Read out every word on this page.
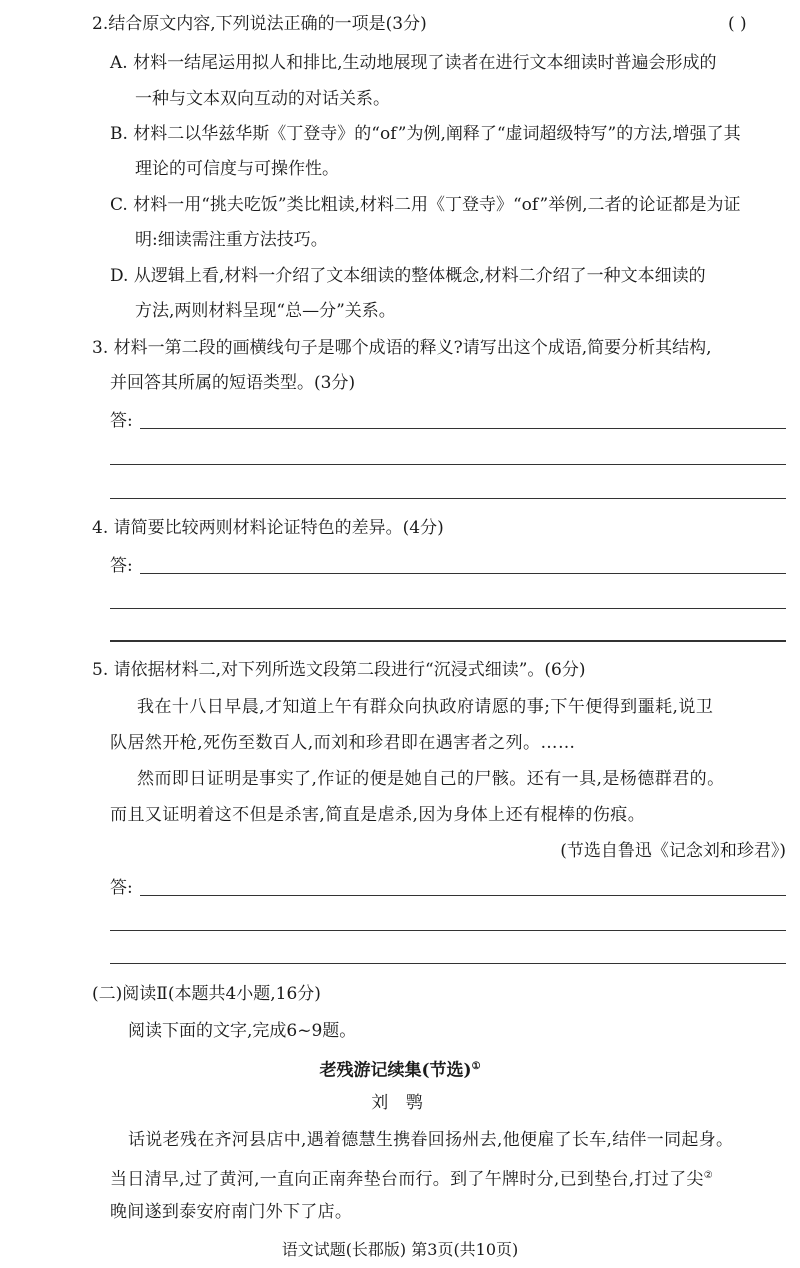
2.结合原文内容,下列说法正确的一项是(3分)	( )
A. 材料一结尾运用拟人和排比,生动地展现了读者在进行文本细读时普遍会形成的
一种与文本双向互动的对话关系。
B. 材料二以华兹华斯《丁登寺》的“of”为例,阐释了“虚词超级特写”的方法,增强了其
理论的可信度与可操作性。
C. 材料一用“挑夫吃饭”类比粗读,材料二用《丁登寺》“of”举例,二者的论证都是为证
明:细读需注重方法技巧。
D. 从逻辑上看,材料一介绍了文本细读的整体概念,材料二介绍了一种文本细读的
方法,两则材料呈现“总—分”关系。
3. 材料一第二段的画横线句子是哪个成语的释义?请写出这个成语,简要分析其结构,
并回答其所属的短语类型。(3分)
答:
4. 请简要比较两则材料论证特色的差异。(4分)
答:
5. 请依据材料二,对下列所选文段第二段进行“沉浸式细读”。(6分)
我在十八日早晨,才知道上午有群众向执政府请愿的事;下午便得到噩耗,说卫
队居然开枪,死伤至数百人,而刘和珍君即在遇害者之列。……
然而即日证明是事实了,作证的便是她自己的尸骸。还有一具,是杨德群君的。
而且又证明着这不但是杀害,简直是虐杀,因为身体上还有棍棒的伤痕。
(节选自鲁迅《记念刘和珍君》)
答:
(二)阅读Ⅱ(本题共4小题,16分)
阅读下面的文字,完成6~9题。
老残游记续集(节选)①
刘 鹗
话说老残在齐河县店中,遇着德慧生携眷回扬州去,他便雇了长车,结伴一同起身。
当日清早,过了黄河,一直向正南奔垫台而行。到了午牌时分,已到垫台,打过了尖②
晚间遂到泰安府南门外下了店。
语文试题(长郡版) 第3页(共10页)
